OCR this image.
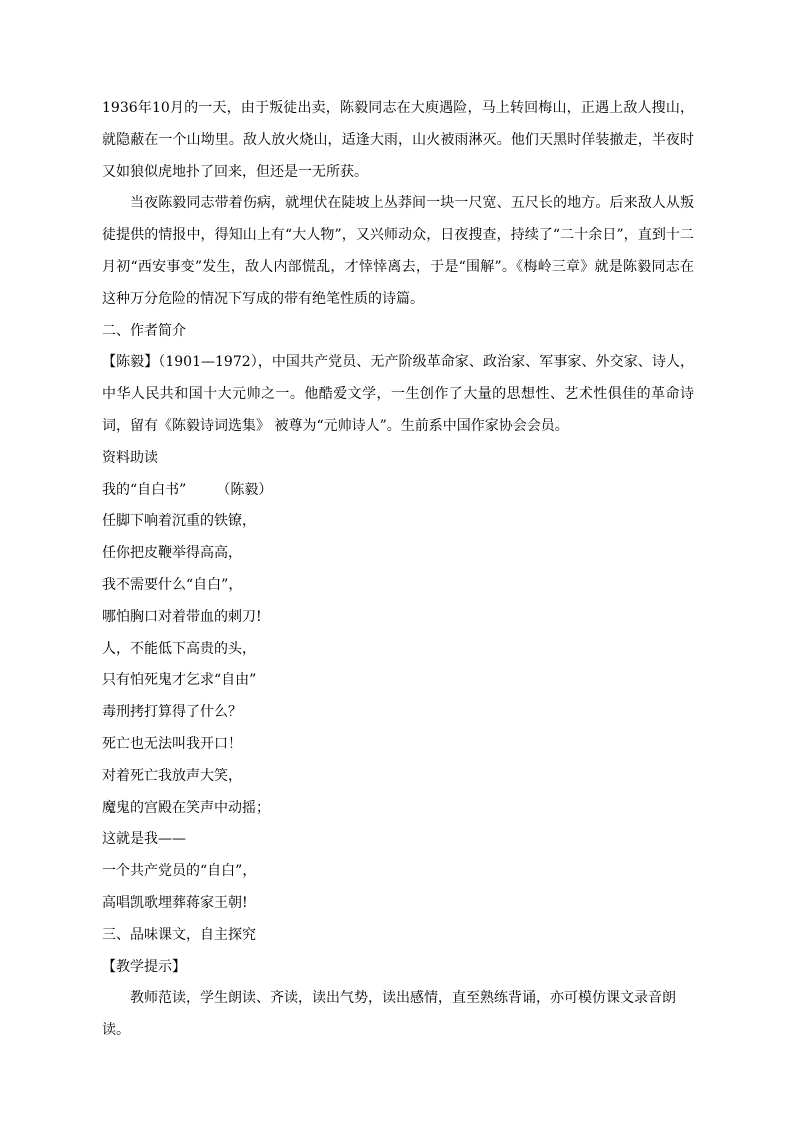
1936年10月的一天，由于叛徒出卖，陈毅同志在大庾遇险，马上转回梅山，正遇上敌人搜山，就隐蔽在一个山坳里。敌人放火烧山，适逢大雨，山火被雨淋灭。他们天黑时佯装撤走，半夜时又如狼似虎地扑了回来，但还是一无所获。

当夜陈毅同志带着伤病，就埋伏在陡坡上丛莽间一块一尺宽、五尺长的地方。后来敌人从叛徒提供的情报中，得知山上有“大人物”，又兴师动众，日夜搜查，持续了“二十余日”，直到十二月初“西安事变”发生，敌人内部慌乱，才悻悻离去，于是“围解”。《梅岭三章》就是陈毅同志在这种万分危险的情况下写成的带有绝笔性质的诗篇。

二、作者简介

【陈毅】（1901—1972），中国共产党员、无产阶级革命家、政治家、军事家、外交家、诗人，中华人民共和国十大元帅之一。他酷爱文学，一生创作了大量的思想性、艺术性俱佳的革命诗词，留有《陈毅诗词选集》 被尊为“元帅诗人”。生前系中国作家协会会员。

资料助读

我的“自白书” （陈毅）

任脚下响着沉重的铁镣，

任你把皮鞭举得高高，

我不需要什么“自白”，

哪怕胸口对着带血的刺刀!

人，不能低下高贵的头，

只有怕死鬼才乞求“自由”

毒刑拷打算得了什么？

死亡也无法叫我开口！

对着死亡我放声大笑，

魔鬼的宫殿在笑声中动摇；

这就是我——

一个共产党员的“自白”，

高唱凯歌埋葬蒋家王朝!

三、品味课文，自主探究

【教学提示】

教师范读，学生朗读、齐读，读出气势，读出感情，直至熟练背诵，亦可模仿课文录音朗读。
